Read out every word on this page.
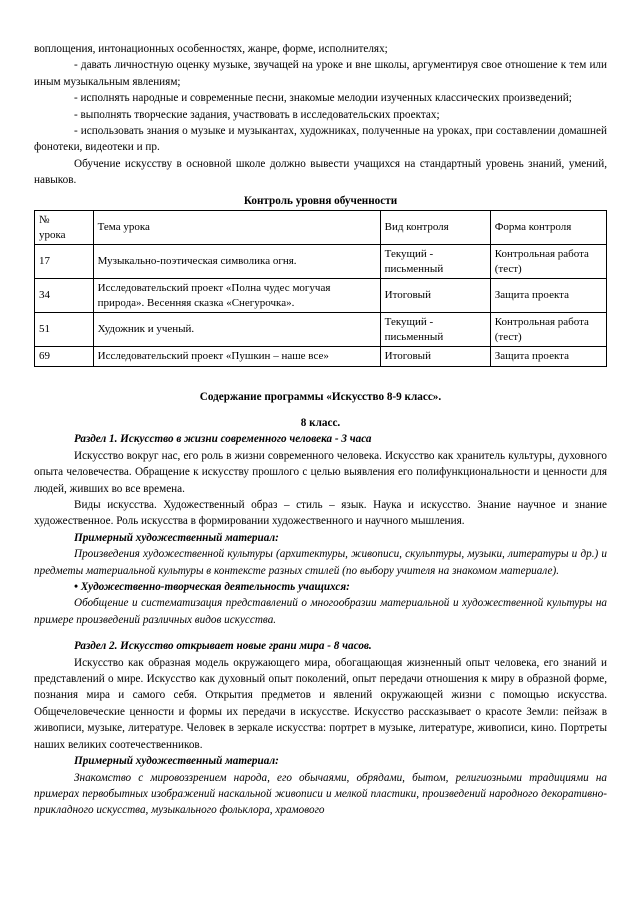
воплощения, интонационных особенностях, жанре, форме, исполнителях;

- давать личностную оценку музыке, звучащей на уроке и вне школы, аргументируя свое отношение к тем или иным музыкальным явлениям;

- исполнять народные и современные песни, знакомые мелодии изученных классических произведений;

- выполнять творческие задания, участвовать в исследовательских проектах;

- использовать знания о музыке и музыкантах, художниках, полученные на уроках, при составлении домашней фонотеки, видеотеки и пр.

Обучение искусству в основной школе должно вывести учащихся на стандартный уровень знаний, умений, навыков.

Контроль уровня обученности

№
урока	Тема урока	Вид контроля	Форма контроля
17	Музыкально-поэтическая символика огня.	Текущий - письменный	Контрольная работа (тест)
34	Исследовательский проект «Полна чудес могучая природа». Весенняя сказка «Снегурочка».	Итоговый	Защита проекта
51	Художник и ученый.	Текущий - письменный	Контрольная работа (тест)
69	Исследовательский проект «Пушкин – наше все»	Итоговый	Защита проекта

Содержание программы «Искусство 8-9 класс».

8 класс.

Раздел 1. Искусство в жизни современного человека - 3 часа

Искусство вокруг нас, его роль в жизни современного человека. Искусство как хранитель культуры, духовного опыта человечества. Обращение к искусству прошлого с целью выявления его полифункциональности и ценности для людей, живших во все времена.

Виды искусства. Художественный образ – стиль – язык. Наука и искусство. Знание научное и знание художественное. Роль искусства в формировании художественного и научного мышления.

Примерный художественный материал:

Произведения художественной культуры (архитектуры, живописи, скульптуры, музыки, литературы и др.) и предметы материальной культуры в контексте разных стилей (по выбору учителя на знакомом материале).

• Художественно-творческая деятельность учащихся:

Обобщение и систематизация представлений о многообразии материальной и художественной культуры на примере произведений различных видов искусства.

Раздел 2. Искусство открывает новые грани мира - 8 часов.

Искусство как образная модель окружающего мира, обогащающая жизненный опыт человека, его знаний и представлений о мире. Искусство как духовный опыт поколений, опыт передачи отношения к миру в образной форме, познания мира и самого себя. Открытия предметов и явлений окружающей жизни с помощью искусства. Общечеловеческие ценности и формы их передачи в искусстве. Искусство рассказывает о красоте Земли: пейзаж в живописи, музыке, литературе. Человек в зеркале искусства: портрет в музыке, литературе, живописи, кино. Портреты наших великих соотечественников.

Примерный художественный материал:

Знакомство с мировоззрением народа, его обычаями, обрядами, бытом, религиозными традициями на примерах первобытных изображений наскальной живописи и мелкой пластики, произведений народного декоративно-прикладного искусства, музыкального фольклора, храмового
